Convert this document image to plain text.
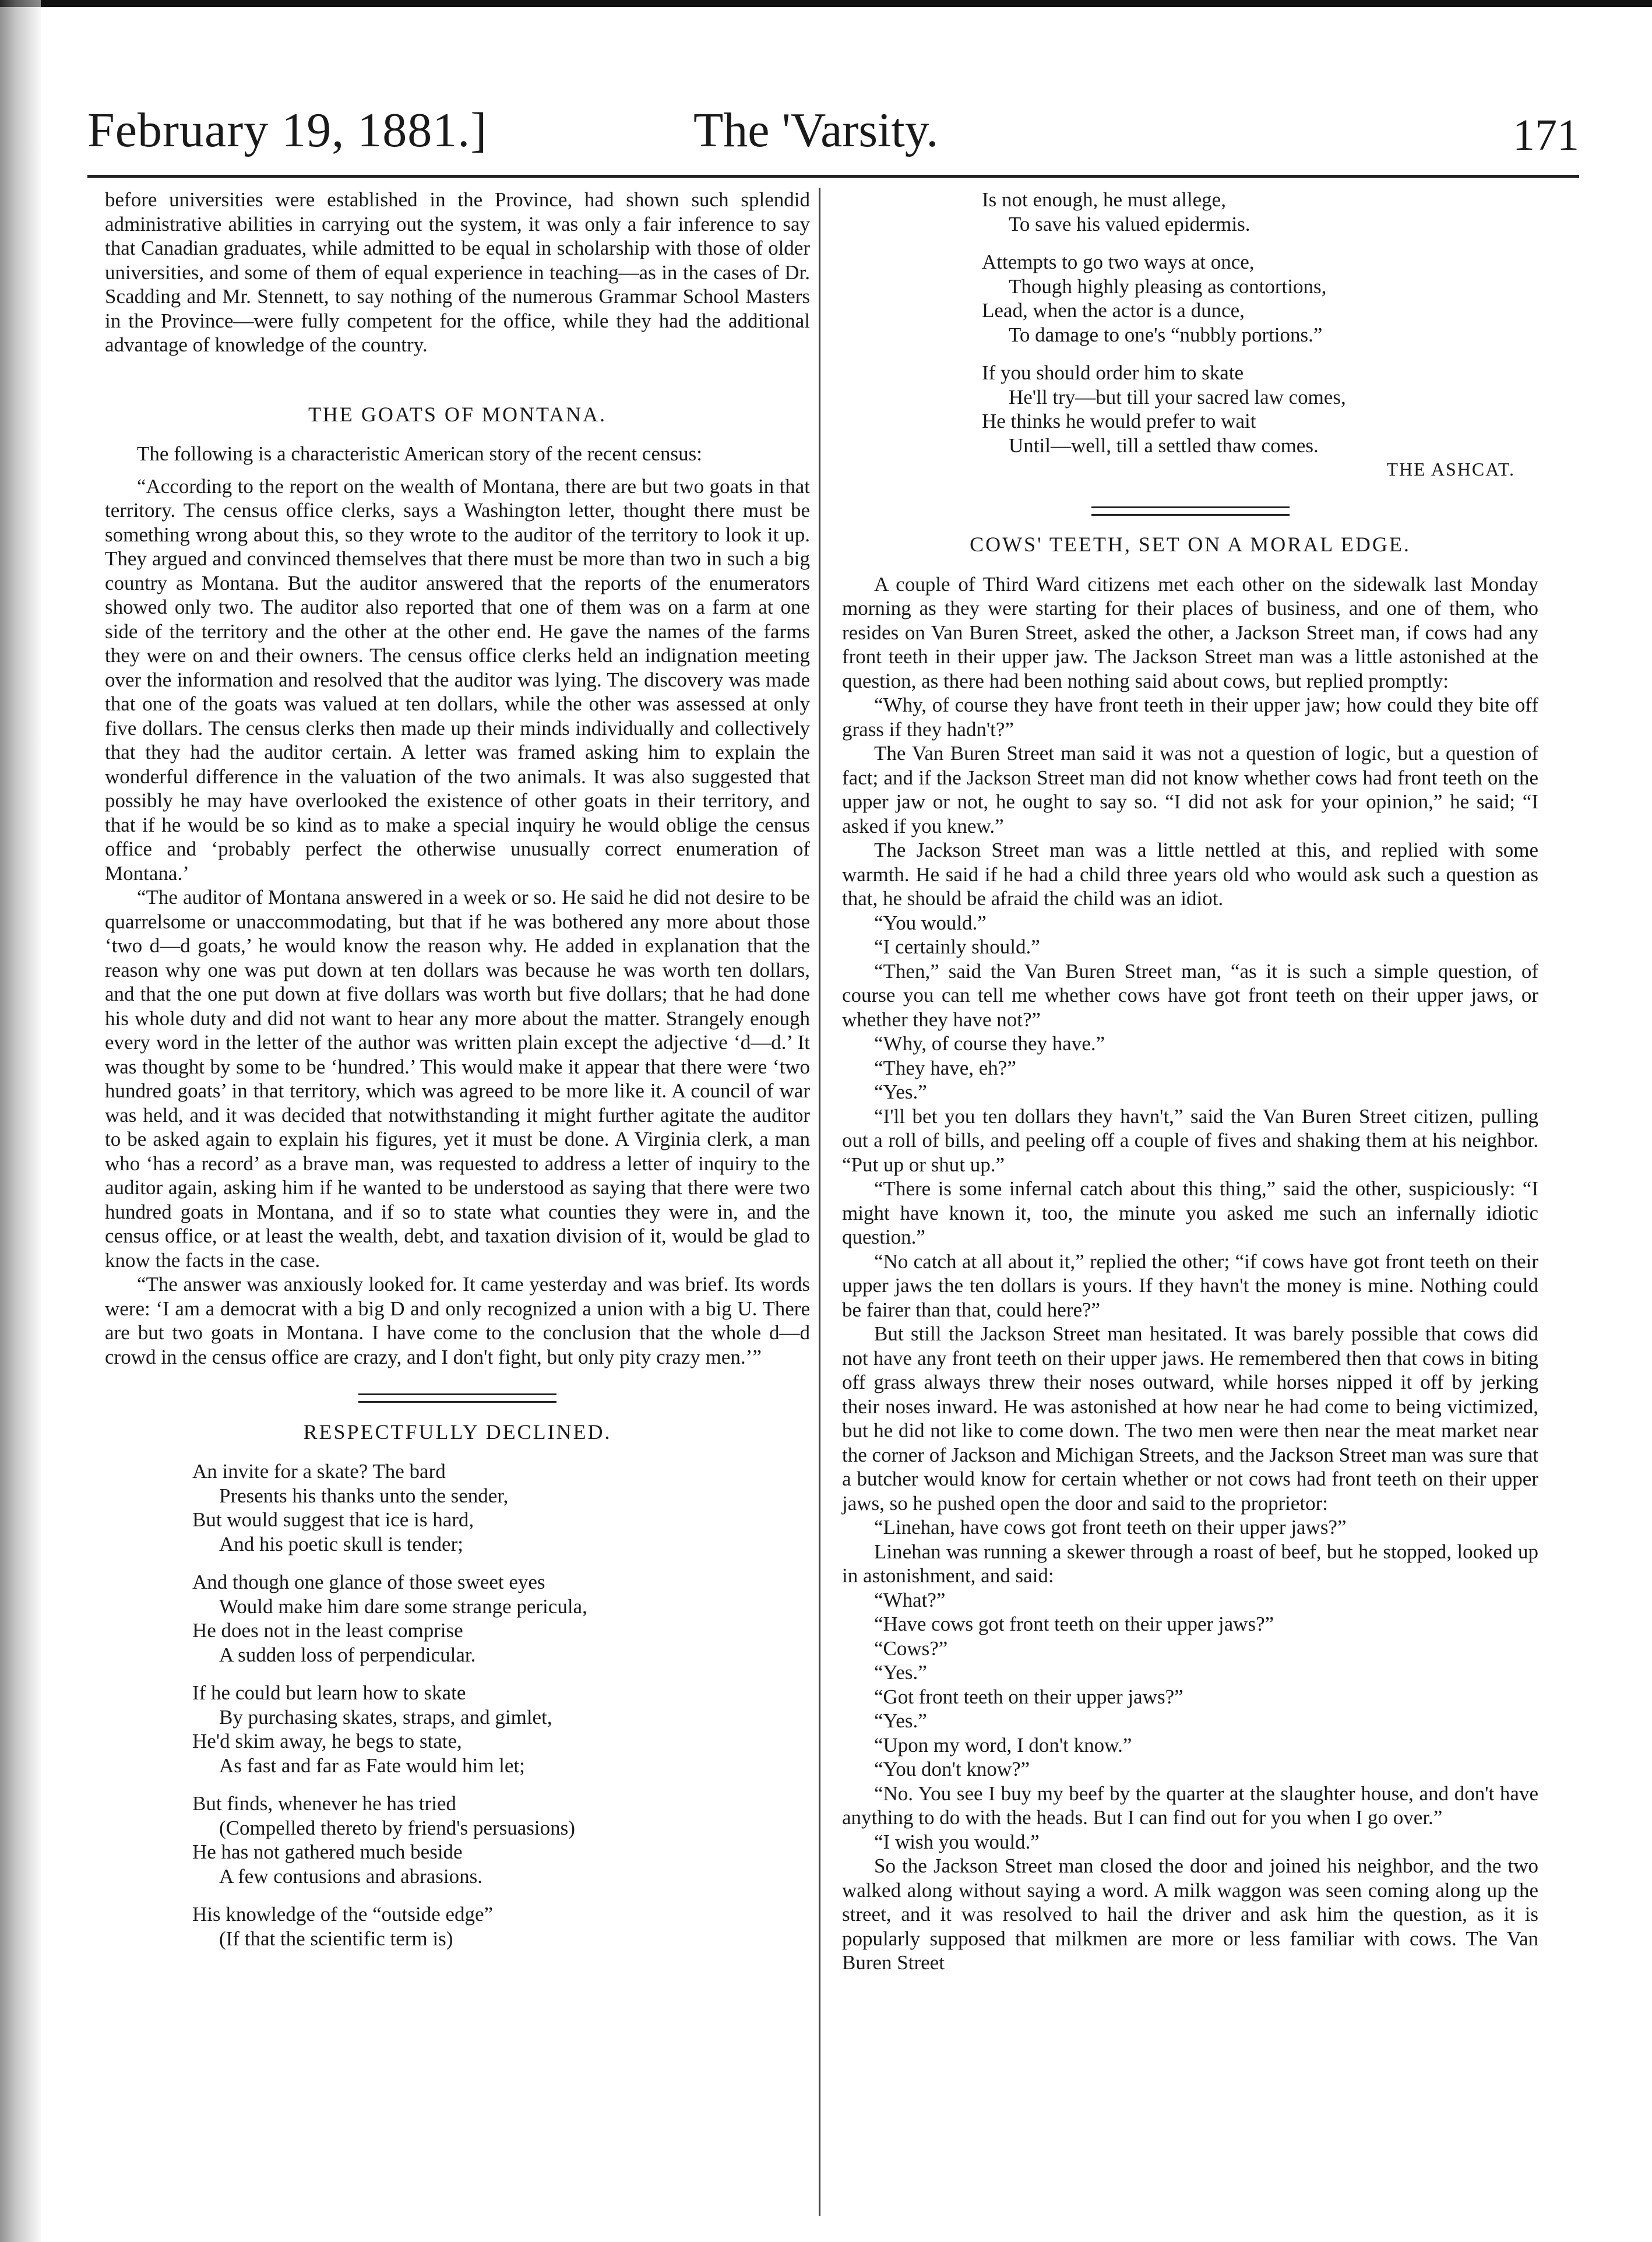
February 19, 1881.]	The 'Varsity.	171

before universities were established in the Province, had shown such splendid administrative abilities in carrying out the system, it was only a fair inference to say that Canadian graduates, while admitted to be equal in scholarship with those of older universities, and some of them of equal experience in teaching—as in the cases of Dr. Scadding and Mr. Stennett, to say nothing of the numerous Grammar School Masters in the Province—were fully competent for the office, while they had the additional advantage of knowledge of the country.

THE GOATS OF MONTANA.

The following is a characteristic American story of the recent census:

“According to the report on the wealth of Montana, there are but two goats in that territory. The census office clerks, says a Washington letter, thought there must be something wrong about this, so they wrote to the auditor of the territory to look it up. They argued and convinced themselves that there must be more than two in such a big country as Montana. But the auditor answered that the reports of the enumerators showed only two. The auditor also reported that one of them was on a farm at one side of the territory and the other at the other end. He gave the names of the farms they were on and their owners. The census office clerks held an indignation meeting over the information and resolved that the auditor was lying. The discovery was made that one of the goats was valued at ten dollars, while the other was assessed at only five dollars. The census clerks then made up their minds individually and collectively that they had the auditor certain. A letter was framed asking him to explain the wonderful difference in the valuation of the two animals. It was also suggested that possibly he may have overlooked the existence of other goats in their territory, and that if he would be so kind as to make a special inquiry he would oblige the census office and ‘probably perfect the otherwise unusually correct enumeration of Montana.’

“The auditor of Montana answered in a week or so. He said he did not desire to be quarrelsome or unaccommodating, but that if he was bothered any more about those ‘two d—d goats,’ he would know the reason why. He added in explanation that the reason why one was put down at ten dollars was because he was worth ten dollars, and that the one put down at five dollars was worth but five dollars; that he had done his whole duty and did not want to hear any more about the matter. Strangely enough every word in the letter of the author was written plain except the adjective ‘d—d.’ It was thought by some to be ‘hundred.’ This would make it appear that there were ‘two hundred goats’ in that territory, which was agreed to be more like it. A council of war was held, and it was decided that notwithstanding it might further agitate the auditor to be asked again to explain his figures, yet it must be done. A Virginia clerk, a man who ‘has a record’ as a brave man, was requested to address a letter of inquiry to the auditor again, asking him if he wanted to be understood as saying that there were two hundred goats in Montana, and if so to state what counties they were in, and the census office, or at least the wealth, debt, and taxation division of it, would be glad to know the facts in the case.

“The answer was anxiously looked for. It came yesterday and was brief. Its words were: ‘I am a democrat with a big D and only recognized a union with a big U. There are but two goats in Montana. I have come to the conclusion that the whole d—d crowd in the census office are crazy, and I don't fight, but only pity crazy men.’”

RESPECTFULLY DECLINED.
An invite for a skate? The bard
Presents his thanks unto the sender,
But would suggest that ice is hard,
And his poetic skull is tender;
And though one glance of those sweet eyes
Would make him dare some strange pericula,
He does not in the least comprise
A sudden loss of perpendicular.
If he could but learn how to skate
By purchasing skates, straps, and gimlet,
He'd skim away, he begs to state,
As fast and far as Fate would him let;
But finds, whenever he has tried
(Compelled thereto by friend's persuasions)
He has not gathered much beside
A few contusions and abrasions.
His knowledge of the “outside edge”
(If that the scientific term is)
Is not enough, he must allege,
To save his valued epidermis.
Attempts to go two ways at once,
Though highly pleasing as contortions,
Lead, when the actor is a dunce,
To damage to one's “nubbly portions.”
If you should order him to skate
He'll try—but till your sacred law comes,
He thinks he would prefer to wait
Until—well, till a settled thaw comes.
THE ASHCAT.
COWS' TEETH, SET ON A MORAL EDGE.

A couple of Third Ward citizens met each other on the sidewalk last Monday morning as they were starting for their places of business, and one of them, who resides on Van Buren Street, asked the other, a Jackson Street man, if cows had any front teeth in their upper jaw. The Jackson Street man was a little astonished at the question, as there had been nothing said about cows, but replied promptly:

“Why, of course they have front teeth in their upper jaw; how could they bite off grass if they hadn't?”

The Van Buren Street man said it was not a question of logic, but a question of fact; and if the Jackson Street man did not know whether cows had front teeth on the upper jaw or not, he ought to say so. “I did not ask for your opinion,” he said; “I asked if you knew.”

The Jackson Street man was a little nettled at this, and replied with some warmth. He said if he had a child three years old who would ask such a question as that, he should be afraid the child was an idiot.

“You would.”

“I certainly should.”

“Then,” said the Van Buren Street man, “as it is such a simple question, of course you can tell me whether cows have got front teeth on their upper jaws, or whether they have not?”

“Why, of course they have.”

“They have, eh?”

“Yes.”

“I'll bet you ten dollars they havn't,” said the Van Buren Street citizen, pulling out a roll of bills, and peeling off a couple of fives and shaking them at his neighbor. “Put up or shut up.”

“There is some infernal catch about this thing,” said the other, suspiciously: “I might have known it, too, the minute you asked me such an infernally idiotic question.”

“No catch at all about it,” replied the other; “if cows have got front teeth on their upper jaws the ten dollars is yours. If they havn't the money is mine. Nothing could be fairer than that, could here?”

But still the Jackson Street man hesitated. It was barely possible that cows did not have any front teeth on their upper jaws. He remembered then that cows in biting off grass always threw their noses outward, while horses nipped it off by jerking their noses inward. He was astonished at how near he had come to being victimized, but he did not like to come down. The two men were then near the meat market near the corner of Jackson and Michigan Streets, and the Jackson Street man was sure that a butcher would know for certain whether or not cows had front teeth on their upper jaws, so he pushed open the door and said to the proprietor:

“Linehan, have cows got front teeth on their upper jaws?”

Linehan was running a skewer through a roast of beef, but he stopped, looked up in astonishment, and said:

“What?”

“Have cows got front teeth on their upper jaws?”

“Cows?”

“Yes.”

“Got front teeth on their upper jaws?”

“Yes.”

“Upon my word, I don't know.”

“You don't know?”

“No. You see I buy my beef by the quarter at the slaughter house, and don't have anything to do with the heads. But I can find out for you when I go over.”

“I wish you would.”

So the Jackson Street man closed the door and joined his neighbor, and the two walked along without saying a word. A milk waggon was seen coming along up the street, and it was resolved to hail the driver and ask him the question, as it is popularly supposed that milkmen are more or less familiar with cows. The Van Buren Street
